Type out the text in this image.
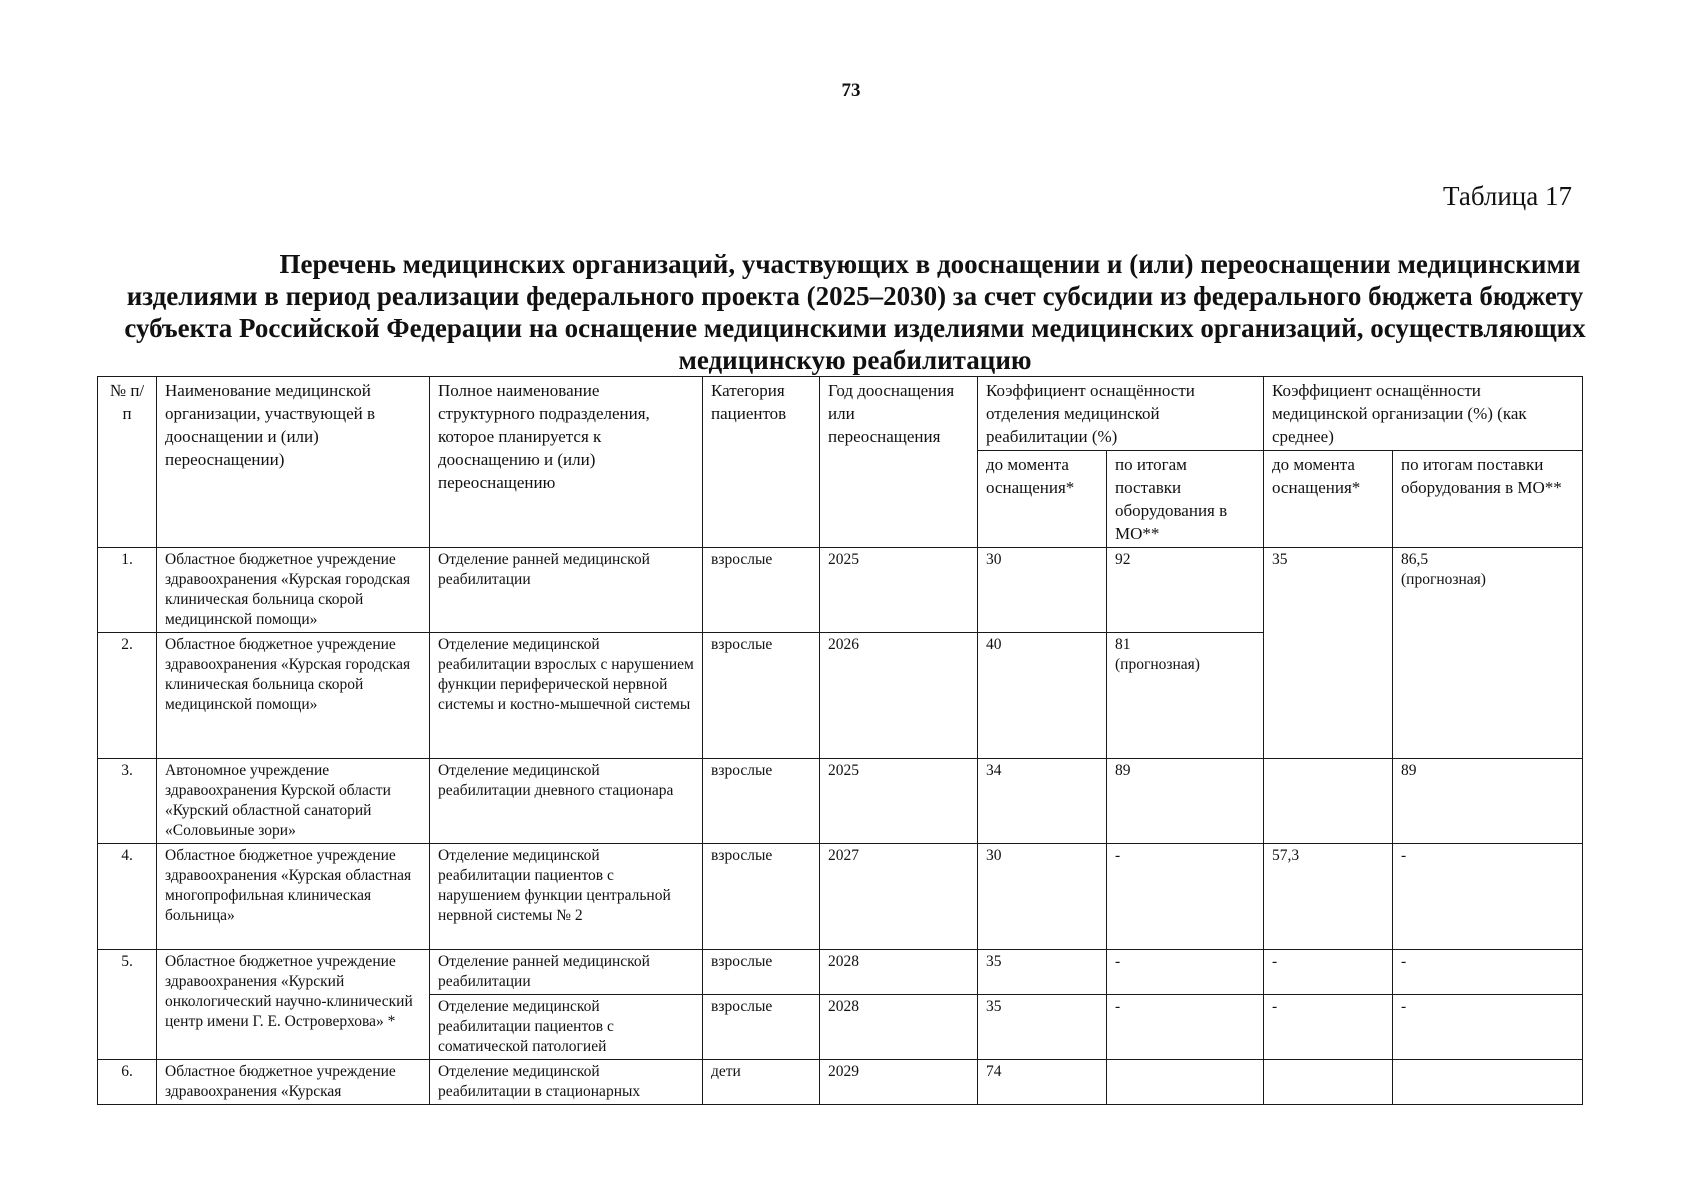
73
Таблица 17
Перечень медицинских организаций, участвующих в дооснащении и (или) переоснащении медицинскими
изделиями в период реализации федерального проекта (2025–2030) за счет субсидии из федерального бюджета бюджету
субъекта Российской Федерации на оснащение медицинскими изделиями медицинских организаций, осуществляющих
медицинскую реабилитацию
№ п/п	Наименование медицинской организации, участвующей в дооснащении и (или) переоснащении)	Полное наименование структурного подразделения, которое планируется к дооснащению и (или) переоснащению	Категория пациентов	Год дооснащения или переоснащения	Коэффициент оснащённости отделения медицинской реабилитации (%)		Коэффициент оснащённости медицинской организации (%) (как среднее)	
					до момента оснащения*	по итогам поставки оборудования в МО**	до момента оснащения*	по итогам поставки оборудования в МО**
1.	Областное бюджетное учреждение здравоохранения «Курская городская клиническая больница скорой медицинской помощи»	Отделение ранней медицинской реабилитации	взрослые	2025	30	92	35	86,5
(прогнозная)

2.	Областное бюджетное учреждение здравоохранения «Курская городская клиническая больница скорой медицинской помощи»	Отделение медицинской реабилитации взрослых с нарушением функции периферической нервной системы и костно-мышечной системы	взрослые	2026	40	81
(прогнозная)		

3.	Автономное учреждение здравоохранения Курской области «Курский областной санаторий «Соловьиные зори»	Отделение медицинской реабилитации дневного стационара	взрослые	2025	34	89		89
4.	Областное бюджетное учреждение здравоохранения «Курская областная многопрофильная клиническая больница»	Отделение медицинской реабилитации пациентов с нарушением функции центральной нервной системы № 2	взрослые	2027	30	-	57,3	-
5.	Областное бюджетное учреждение здравоохранения «Курский онкологический научно-клинический центр имени Г. Е. Островерхова» *	Отделение ранней медицинской реабилитации	взрослые	2028	35	-	-	-
		Отделение медицинской реабилитации пациентов с соматической патологией	взрослые	2028	35	-	-	-
6.	Областное бюджетное учреждение здравоохранения «Курская	Отделение медицинской реабилитации в стационарных	дети	2029	74			
